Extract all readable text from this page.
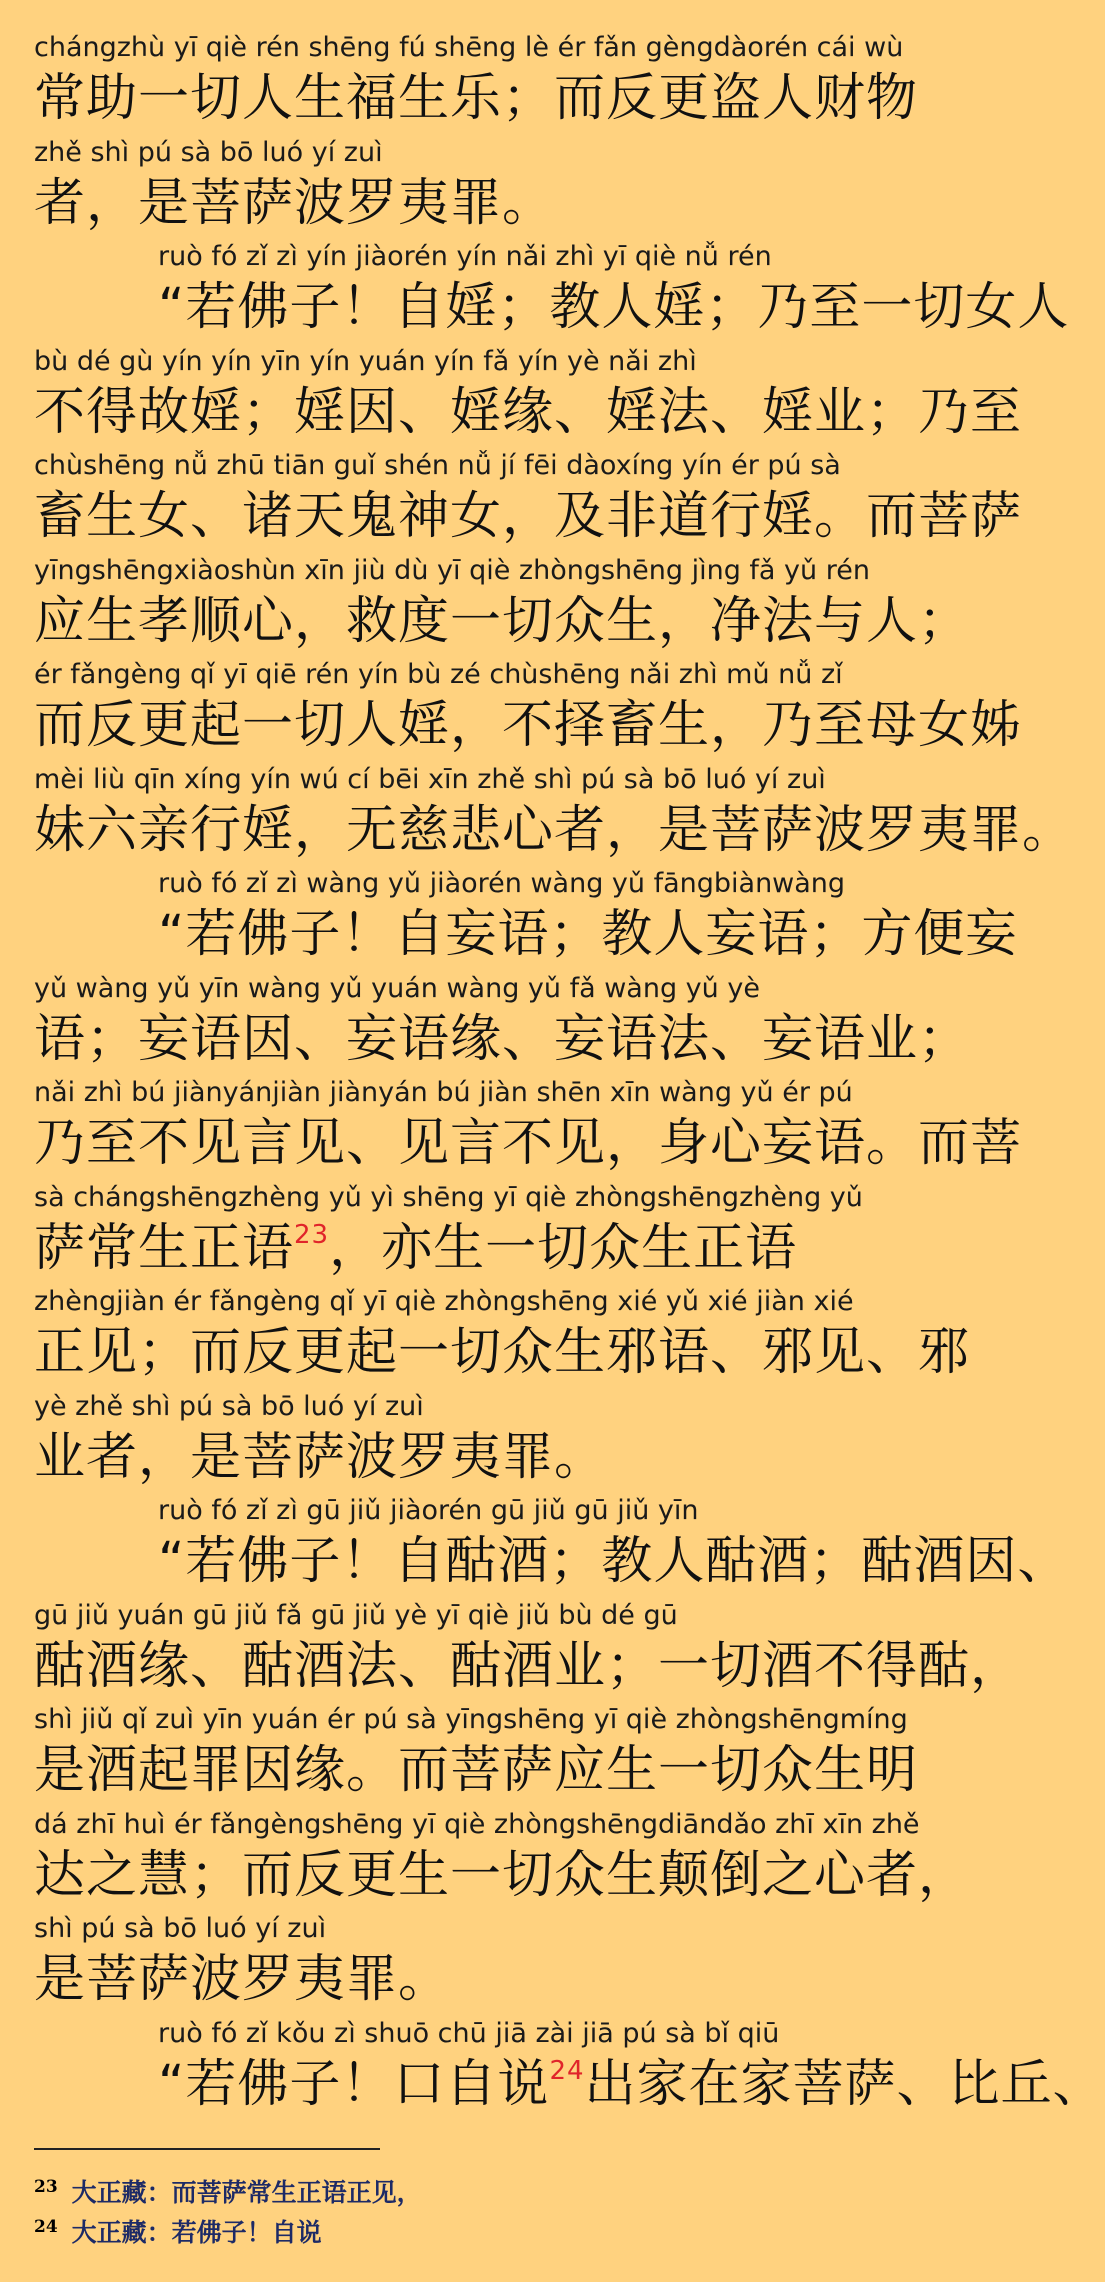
chángzhù yī qiè rén shēng fú shēng lè ér fǎn gèngdàorén cái wù
常助一切人生福生乐；而反更盗人财物
zhě shì pú sà bō luó yí zuì
者，是菩萨波罗夷罪。
ruò fó zǐ zì yín jiàorén yín nǎi zhì yī qiè nǚ rén
“若佛子！自婬；教人婬；乃至一切女人
bù dé gù yín yín yīn yín yuán yín fǎ yín yè nǎi zhì
不得故婬；婬因、婬缘、婬法、婬业；乃至
chùshēng nǚ zhū tiān guǐ shén nǚ jí fēi dàoxíng yín ér pú sà
畜生女、诸天鬼神女，及非道行婬。而菩萨
yīngshēngxiàoshùn xīn jiù dù yī qiè zhòngshēng jìng fǎ yǔ rén
应生孝顺心，救度一切众生，净法与人；
ér fǎngèng qǐ yī qiē rén yín bù zé chùshēng nǎi zhì mǔ nǚ zǐ
而反更起一切人婬，不择畜生，乃至母女姊
mèi liù qīn xíng yín wú cí bēi xīn zhě shì pú sà bō luó yí zuì
妹六亲行婬，无慈悲心者，是菩萨波罗夷罪。
ruò fó zǐ zì wàng yǔ jiàorén wàng yǔ fāngbiànwàng
“若佛子！自妄语；教人妄语；方便妄
yǔ wàng yǔ yīn wàng yǔ yuán wàng yǔ fǎ wàng yǔ yè
语；妄语因、妄语缘、妄语法、妄语业；
nǎi zhì bú jiànyánjiàn jiànyán bú jiàn shēn xīn wàng yǔ ér pú
乃至不见言见、见言不见，身心妄语。而菩
sà chángshēngzhèng yǔ yì shēng yī qiè zhòngshēngzhèng yǔ
萨常生正语$^{23}$，亦生一切众生正语
zhèngjiàn ér fǎngèng qǐ yī qiè zhòngshēng xié yǔ xié jiàn xié
正见；而反更起一切众生邪语、邪见、邪
yè zhě shì pú sà bō luó yí zuì
业者，是菩萨波罗夷罪。
ruò fó zǐ zì gū jiǔ jiàorén gū jiǔ gū jiǔ yīn
“若佛子！自酤酒；教人酤酒；酤酒因、
gū jiǔ yuán gū jiǔ fǎ gū jiǔ yè yī qiè jiǔ bù dé gū
酤酒缘、酤酒法、酤酒业；一切酒不得酤，
shì jiǔ qǐ zuì yīn yuán ér pú sà yīngshēng yī qiè zhòngshēngmíng
是酒起罪因缘。而菩萨应生一切众生明
dá zhī huì ér fǎngèngshēng yī qiè zhòngshēngdiāndǎo zhī xīn zhě
达之慧；而反更生一切众生颠倒之心者，
shì pú sà bō luó yí zuì
是菩萨波罗夷罪。
ruò fó zǐ kǒu zì shuō chū jiā zài jiā pú sà bǐ qiū
“若佛子！口自说$^{24}$出家在家菩萨、比丘、
$^{23}$ 大正藏：而菩萨常生正语正见，
$^{24}$ 大正藏：若佛子！自说
